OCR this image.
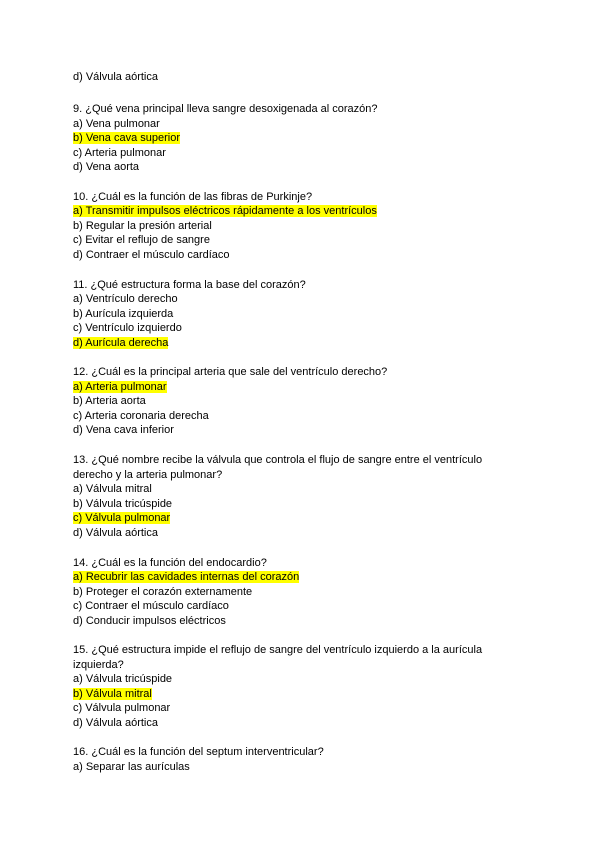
d) Válvula aórtica
9. ¿Qué vena principal lleva sangre desoxigenada al corazón?
a) Vena pulmonar
b) Vena cava superior
c) Arteria pulmonar
d) Vena aorta
10. ¿Cuál es la función de las fibras de Purkinje?
a) Transmitir impulsos eléctricos rápidamente a los ventrículos
b) Regular la presión arterial
c) Evitar el reflujo de sangre
d) Contraer el músculo cardíaco
11. ¿Qué estructura forma la base del corazón?
a) Ventrículo derecho
b) Aurícula izquierda
c) Ventrículo izquierdo
d) Aurícula derecha
12. ¿Cuál es la principal arteria que sale del ventrículo derecho?
a) Arteria pulmonar
b) Arteria aorta
c) Arteria coronaria derecha
d) Vena cava inferior
13. ¿Qué nombre recibe la válvula que controla el flujo de sangre entre el ventrículo
derecho y la arteria pulmonar?
a) Válvula mitral
b) Válvula tricúspide
c) Válvula pulmonar
d) Válvula aórtica
14. ¿Cuál es la función del endocardio?
a) Recubrir las cavidades internas del corazón
b) Proteger el corazón externamente
c) Contraer el músculo cardíaco
d) Conducir impulsos eléctricos
15. ¿Qué estructura impide el reflujo de sangre del ventrículo izquierdo a la aurícula
izquierda?
a) Válvula tricúspide
b) Válvula mitral
c) Válvula pulmonar
d) Válvula aórtica
16. ¿Cuál es la función del septum interventricular?
a) Separar las aurículas
